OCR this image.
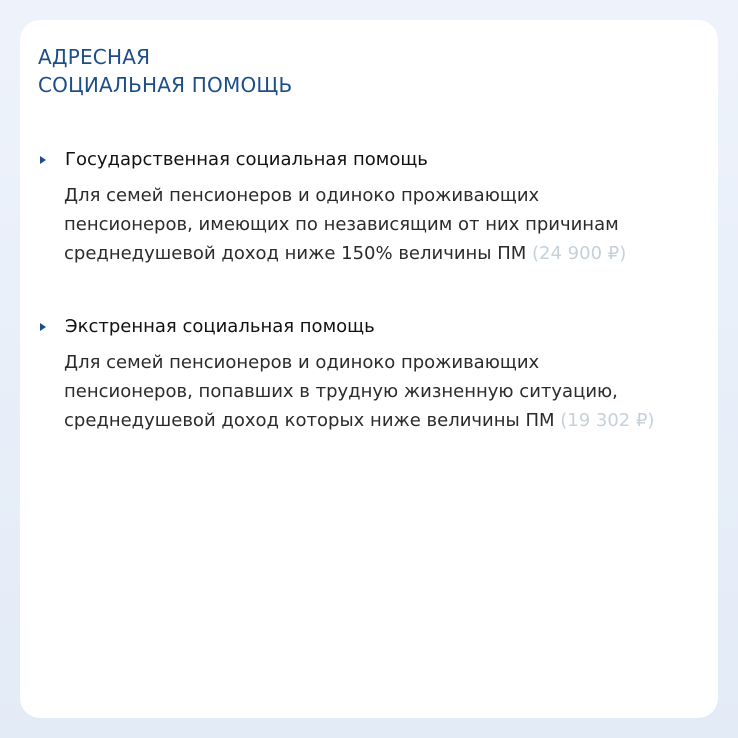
АДРЕСНАЯ
СОЦИАЛЬНАЯ ПОМОЩЬ
Государственная социальная помощь
Для семей пенсионеров и одиноко проживающих
пенсионеров, имеющих по независящим от них причинам
среднедушевой доход ниже 150% величины ПМ (24 900 ₽)
Экстренная социальная помощь
Для семей пенсионеров и одиноко проживающих
пенсионеров, попавших в трудную жизненную ситуацию,
среднедушевой доход которых ниже величины ПМ (19 302 ₽)
